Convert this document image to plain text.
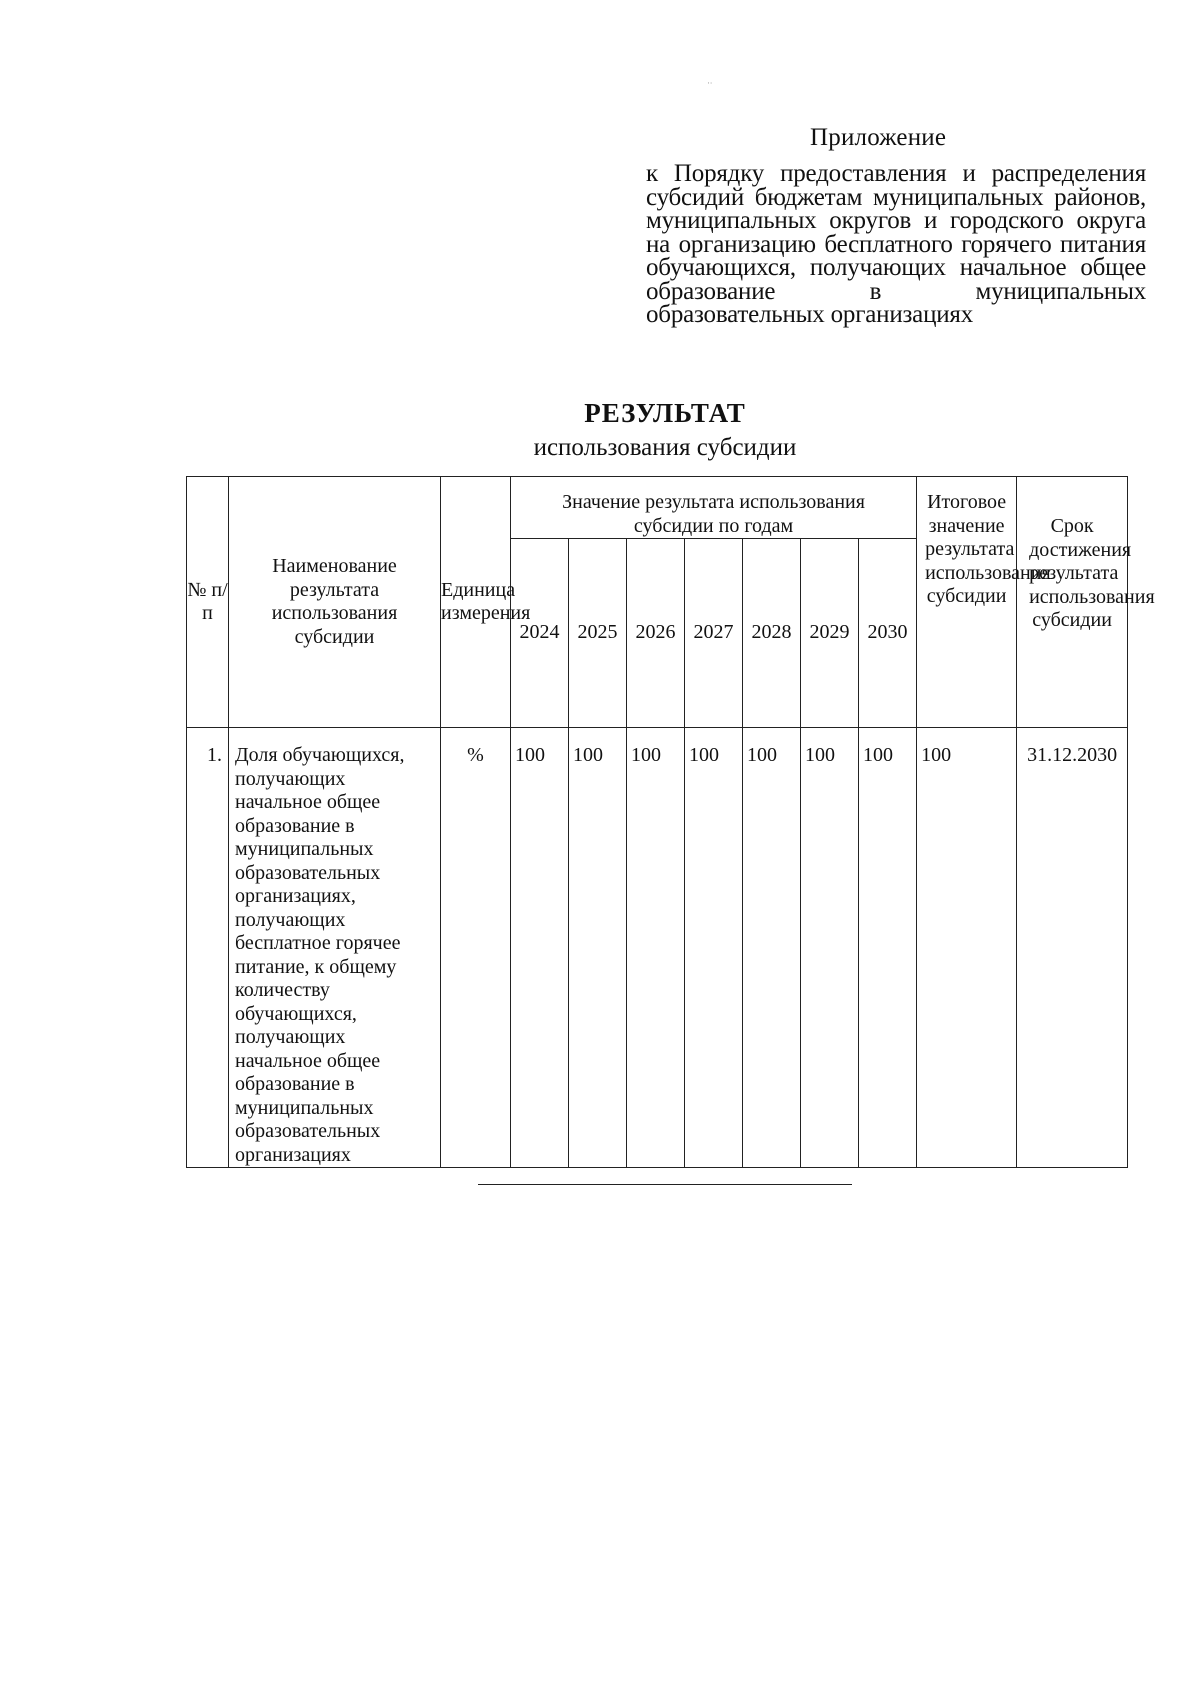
·∙
Приложение
к Порядку предоставления и распределения субсидий бюджетам муниципальных районов, муниципальных округов и городского округа на организацию бесплатного горячего питания обучающихся, получающих начальное общее образование в муниципальных образовательных организациях
РЕЗУЛЬТАТ
использования субсидии
№ п/п	Наименование результата использования субсидии	Единица измерения	Значение результата использования субсидии по годам							Итоговое значение результата использования субсидии	Срок достижения результата использования субсидии
			2024	2025	2026	2027	2028	2029	2030		
1.	Доля обучающихся, получающих начальное общее образование в муниципальных образовательных организациях, получающих бесплатное горячее питание, к общему количеству обучающихся, получающих начальное общее образование в муниципальных образовательных организациях	%	100	100	100	100	100	100	100	100	31.12.2030
